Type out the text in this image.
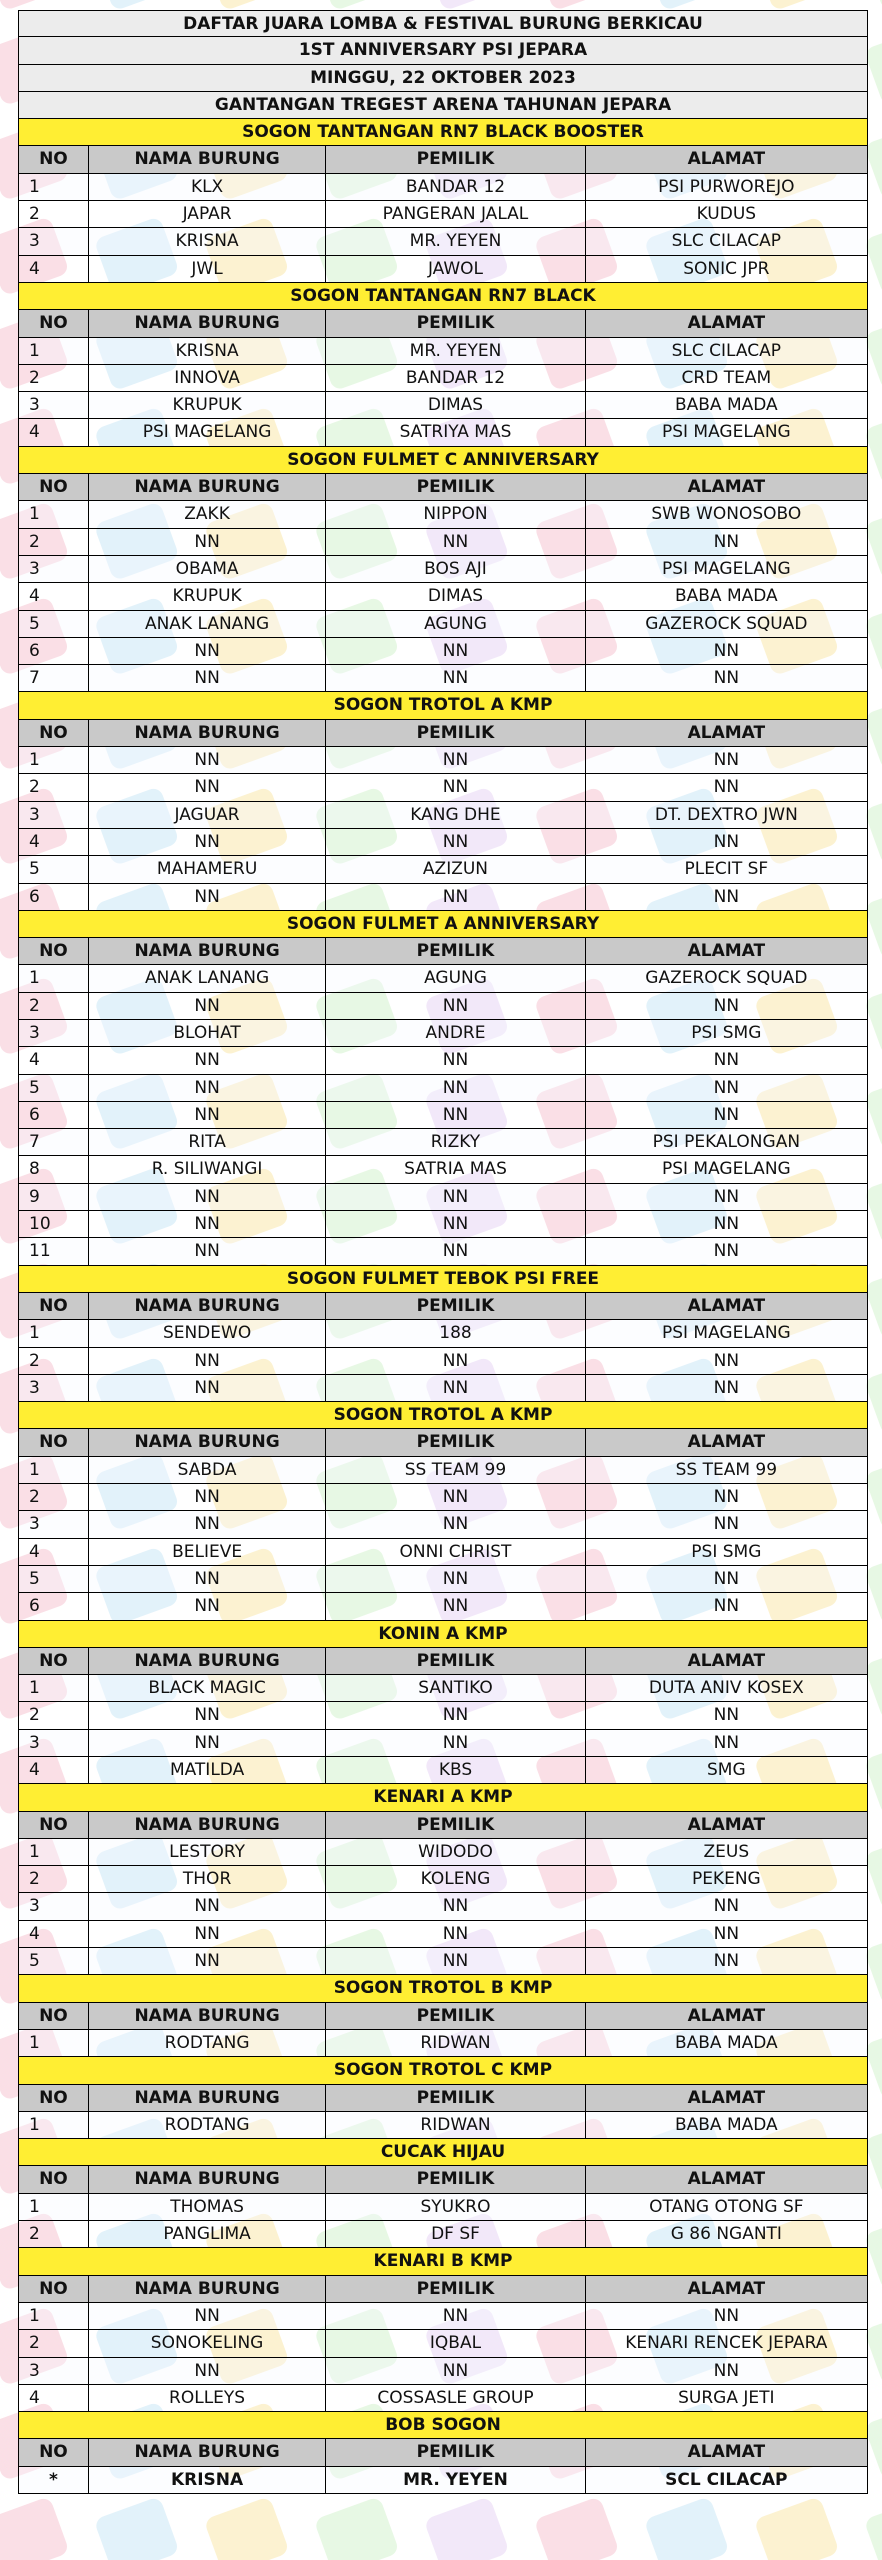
DAFTAR JUARA LOMBA & FESTIVAL BURUNG BERKICAU
1ST ANNIVERSARY PSI JEPARA
MINGGU, 22 OKTOBER 2023
GANTANGAN TREGEST ARENA TAHUNAN JEPARA
SOGON TANTANGAN RN7 BLACK BOOSTER
NO	NAMA BURUNG	PEMILIK	ALAMAT
1	KLX	BANDAR 12	PSI PURWOREJO
2	JAPAR	PANGERAN JALAL	KUDUS
3	KRISNA	MR. YEYEN	SLC CILACAP
4	JWL	JAWOL	SONIC JPR
SOGON TANTANGAN RN7 BLACK
NO	NAMA BURUNG	PEMILIK	ALAMAT
1	KRISNA	MR. YEYEN	SLC CILACAP
2	INNOVA	BANDAR 12	CRD TEAM
3	KRUPUK	DIMAS	BABA MADA
4	PSI MAGELANG	SATRIYA MAS	PSI MAGELANG
SOGON FULMET C ANNIVERSARY
NO	NAMA BURUNG	PEMILIK	ALAMAT
1	ZAKK	NIPPON	SWB WONOSOBO
2	NN	NN	NN
3	OBAMA	BOS AJI	PSI MAGELANG
4	KRUPUK	DIMAS	BABA MADA
5	ANAK LANANG	AGUNG	GAZEROCK SQUAD
6	NN	NN	NN
7	NN	NN	NN
SOGON TROTOL A KMP
NO	NAMA BURUNG	PEMILIK	ALAMAT
1	NN	NN	NN
2	NN	NN	NN
3	JAGUAR	KANG DHE	DT. DEXTRO JWN
4	NN	NN	NN
5	MAHAMERU	AZIZUN	PLECIT SF
6	NN	NN	NN
SOGON FULMET A ANNIVERSARY
NO	NAMA BURUNG	PEMILIK	ALAMAT
1	ANAK LANANG	AGUNG	GAZEROCK SQUAD
2	NN	NN	NN
3	BLOHAT	ANDRE	PSI SMG
4	NN	NN	NN
5	NN	NN	NN
6	NN	NN	NN
7	RITA	RIZKY	PSI PEKALONGAN
8	R. SILIWANGI	SATRIA MAS	PSI MAGELANG
9	NN	NN	NN
10	NN	NN	NN
11	NN	NN	NN
SOGON FULMET TEBOK PSI FREE
NO	NAMA BURUNG	PEMILIK	ALAMAT
1	SENDEWO	188	PSI MAGELANG
2	NN	NN	NN
3	NN	NN	NN
SOGON TROTOL A KMP
NO	NAMA BURUNG	PEMILIK	ALAMAT
1	SABDA	SS TEAM 99	SS TEAM 99
2	NN	NN	NN
3	NN	NN	NN
4	BELIEVE	ONNI CHRIST	PSI SMG
5	NN	NN	NN
6	NN	NN	NN
KONIN A KMP
NO	NAMA BURUNG	PEMILIK	ALAMAT
1	BLACK MAGIC	SANTIKO	DUTA ANIV KOSEX
2	NN	NN	NN
3	NN	NN	NN
4	MATILDA	KBS	SMG
KENARI A KMP
NO	NAMA BURUNG	PEMILIK	ALAMAT
1	LESTORY	WIDODO	ZEUS
2	THOR	KOLENG	PEKENG
3	NN	NN	NN
4	NN	NN	NN
5	NN	NN	NN
SOGON TROTOL B KMP
NO	NAMA BURUNG	PEMILIK	ALAMAT
1	RODTANG	RIDWAN	BABA MADA
SOGON TROTOL C KMP
NO	NAMA BURUNG	PEMILIK	ALAMAT
1	RODTANG	RIDWAN	BABA MADA
CUCAK HIJAU
NO	NAMA BURUNG	PEMILIK	ALAMAT
1	THOMAS	SYUKRO	OTANG OTONG SF
2	PANGLIMA	DF SF	G 86 NGANTI
KENARI B KMP
NO	NAMA BURUNG	PEMILIK	ALAMAT
1	NN	NN	NN
2	SONOKELING	IQBAL	KENARI RENCEK JEPARA
3	NN	NN	NN
4	ROLLEYS	COSSASLE GROUP	SURGA JETI
BOB SOGON
NO	NAMA BURUNG	PEMILIK	ALAMAT
*	KRISNA	MR. YEYEN	SCL CILACAP
